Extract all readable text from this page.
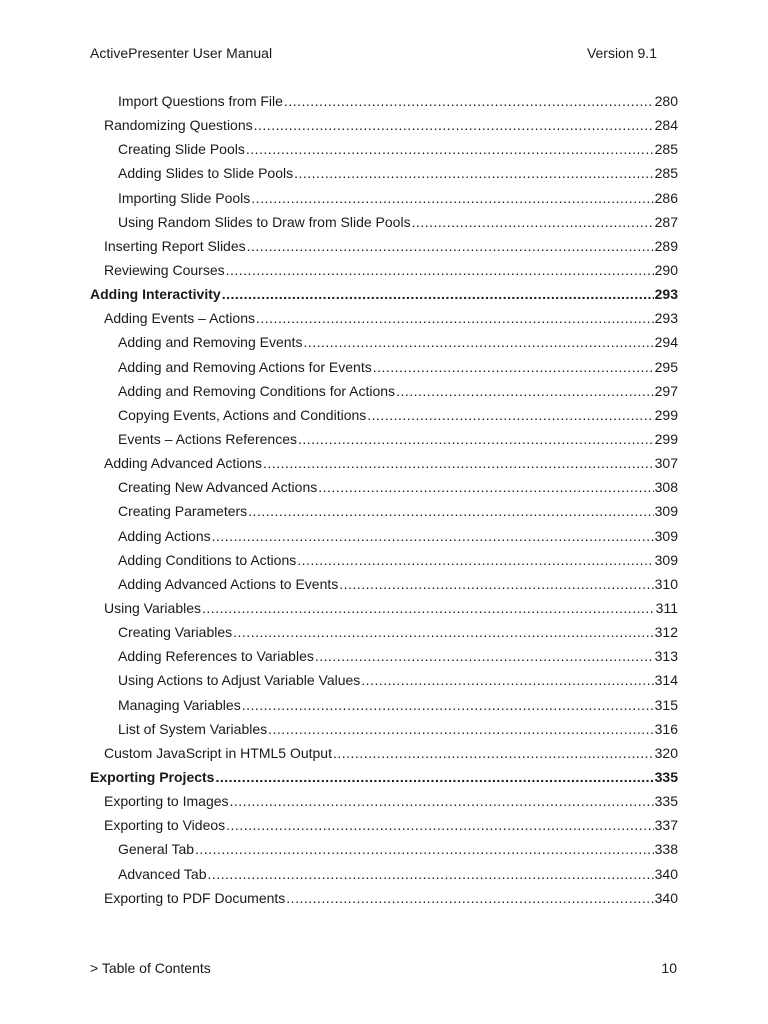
ActivePresenter User Manual	Version 9.1
Import Questions from File .....	280
Randomizing Questions .....	284
Creating Slide Pools .....	285
Adding Slides to Slide Pools .....	285
Importing Slide Pools .....	286
Using Random Slides to Draw from Slide Pools .....	287
Inserting Report Slides .....	289
Reviewing Courses .....	290
Adding Interactivity .....	293
Adding Events – Actions .....	293
Adding and Removing Events .....	294
Adding and Removing Actions for Events .....	295
Adding and Removing Conditions for Actions .....	297
Copying Events, Actions and Conditions .....	299
Events – Actions References .....	299
Adding Advanced Actions .....	307
Creating New Advanced Actions .....	308
Creating Parameters .....	309
Adding Actions .....	309
Adding Conditions to Actions .....	309
Adding Advanced Actions to Events .....	310
Using Variables .....	311
Creating Variables .....	312
Adding References to Variables .....	313
Using Actions to Adjust Variable Values .....	314
Managing Variables .....	315
List of System Variables .....	316
Custom JavaScript in HTML5 Output .....	320
Exporting Projects .....	335
Exporting to Images .....	335
Exporting to Videos .....	337
General Tab .....	338
Advanced Tab .....	340
Exporting to PDF Documents .....	340
> Table of Contents	10
